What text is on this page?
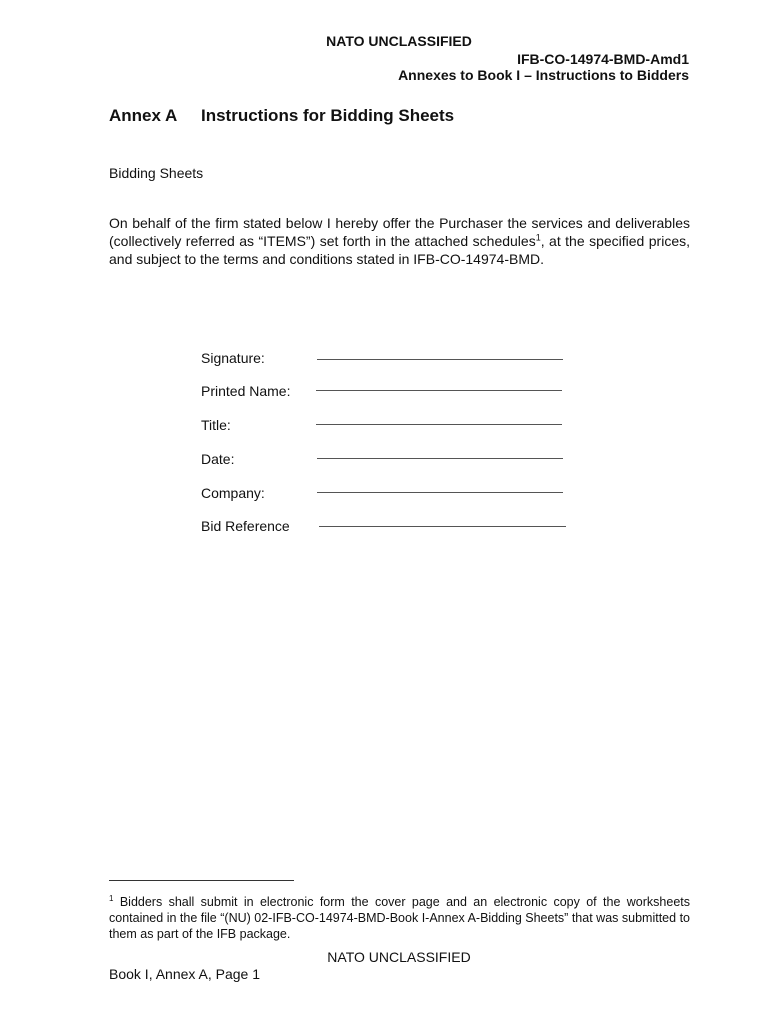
NATO UNCLASSIFIED
IFB-CO-14974-BMD-Amd1
Annexes to Book I – Instructions to Bidders
Annex A Instructions for Bidding Sheets
Bidding Sheets
On behalf of the firm stated below I hereby offer the Purchaser the services and deliverables (collectively referred as “ITEMS”) set forth in the attached schedules$^1$, at the specified prices, and subject to the terms and conditions stated in IFB-CO-14974-BMD.
Signature:
Printed Name:
Title:
Date:
Company:
Bid Reference
$^1$ Bidders shall submit in electronic form the cover page and an electronic copy of the worksheets contained in the file “(NU) 02-IFB-CO-14974-BMD-Book I-Annex A-Bidding Sheets” that was submitted to them as part of the IFB package.
NATO UNCLASSIFIED
Book I, Annex A, Page 1
